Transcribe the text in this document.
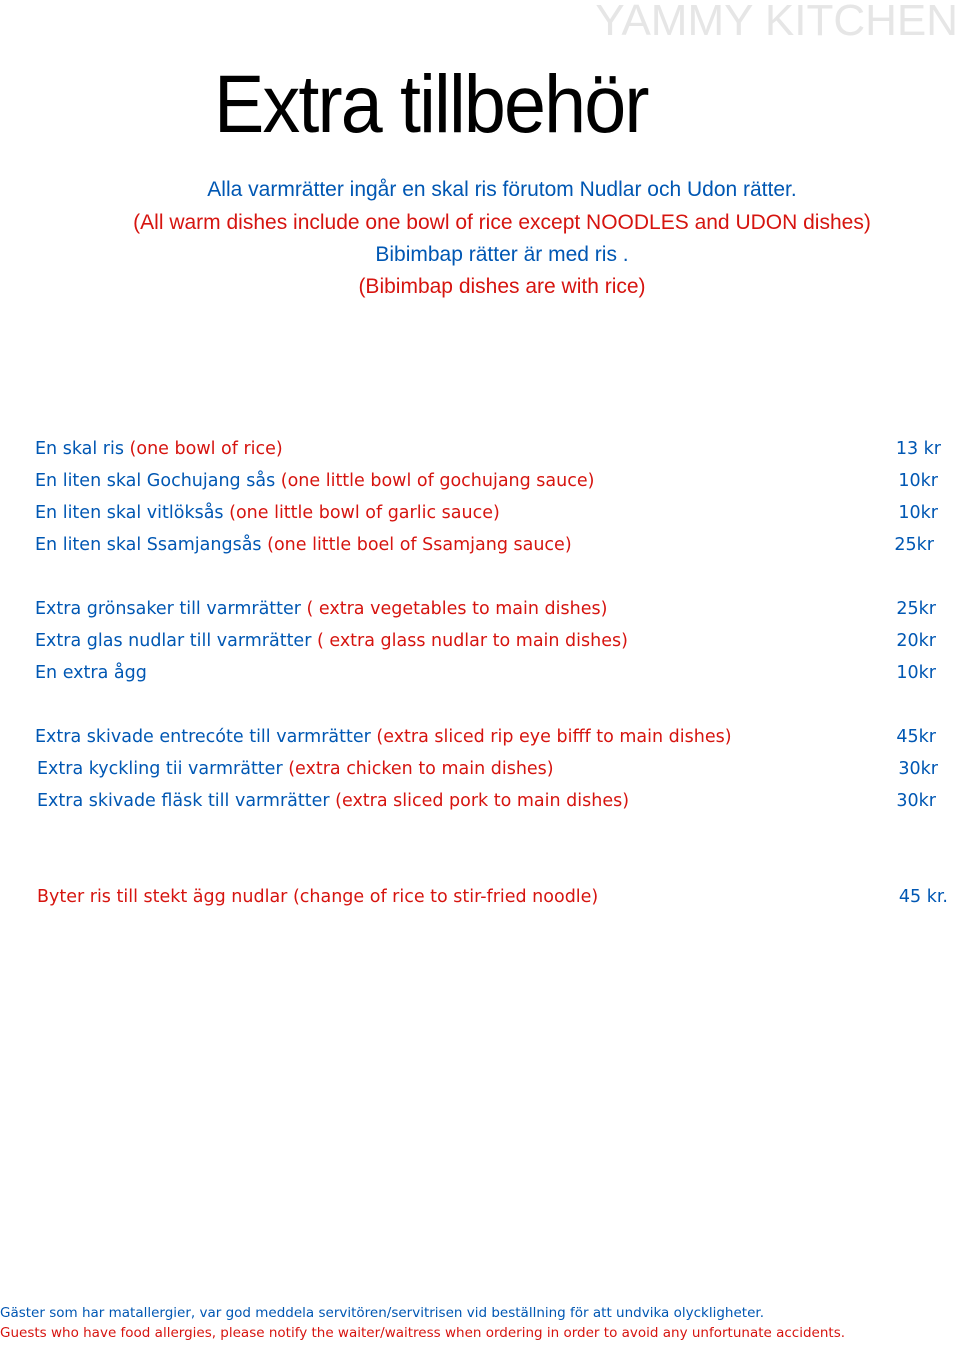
YAMMY KITCHEN
Extra tillbehör
Alla varmrätter ingår en skal ris förutom Nudlar och Udon rätter.
(All warm dishes include one bowl of rice except NOODLES and UDON dishes)
Bibimbap rätter är med ris .
(Bibimbap dishes are with rice)
En skal ris (one bowl of rice)	13 kr
En liten skal Gochujang sås (one little bowl of gochujang sauce)	10kr
En liten skal vitlöksås (one little bowl of garlic sauce)	10kr
En liten skal Ssamjangsås (one little boel of Ssamjang sauce)	25kr
Extra grönsaker till varmrätter ( extra vegetables to main dishes)	25kr
Extra glas nudlar till varmrätter ( extra glass nudlar to main dishes)	20kr
En extra ågg	10kr
Extra skivade entrecóte till varmrätter (extra sliced rip eye bifff to main dishes)	45kr
Extra kyckling tii varmrätter (extra chicken to main dishes)	30kr
Extra skivade fläsk till varmrätter (extra sliced pork to main dishes)	30kr
Byter ris till stekt ägg nudlar (change of rice to stir-fried noodle)	45 kr.
Gäster som har matallergier, var god meddela servitören/servitrisen vid beställning för att undvika olyckligheter.
Guests who have food allergies, please notify the waiter/waitress when ordering in order to avoid any unfortunate accidents.
